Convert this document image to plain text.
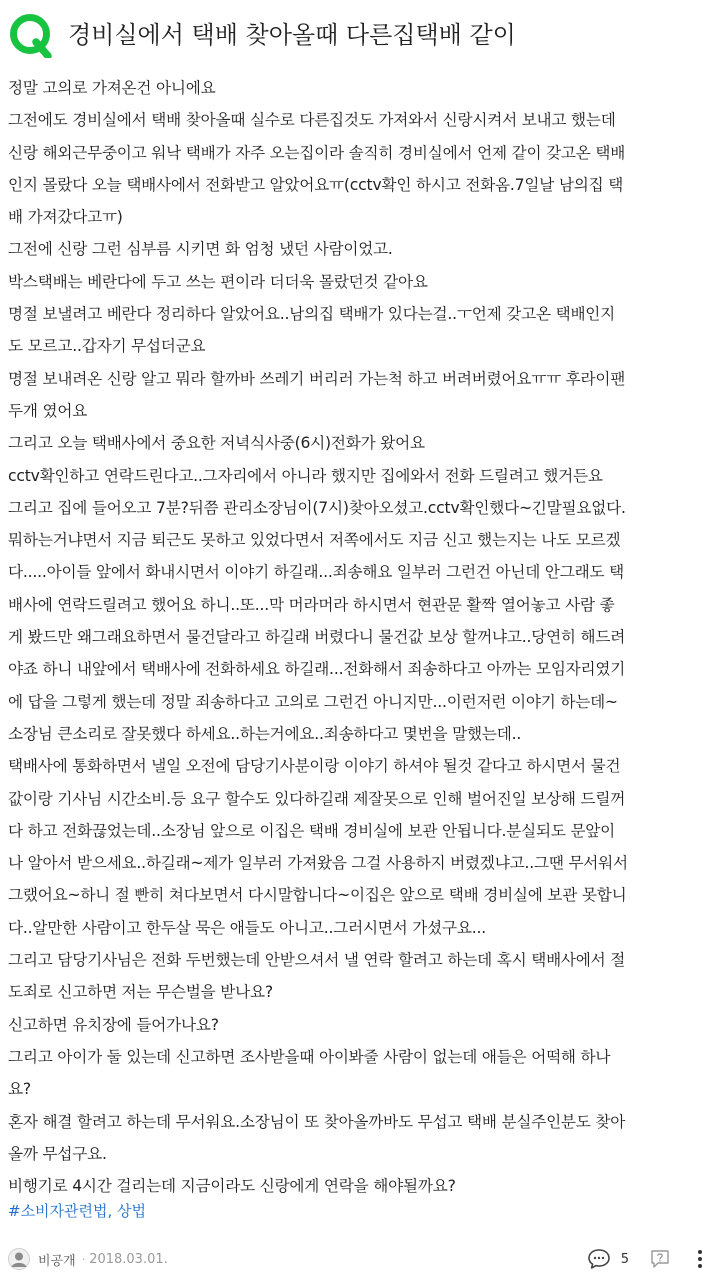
경비실에서 택배 찾아올때 다른집택배 같이
정말 고의로 가져온건 아니에요
그전에도 경비실에서 택배 찾아올때 실수로 다른집것도 가져와서 신랑시켜서 보내고 했는데
신랑 해외근무중이고 워낙 택배가 자주 오는집이라 솔직히 경비실에서 언제 같이 갖고온 택배
인지 몰랐다 오늘 택배사에서 전화받고 알았어요ㅠ(cctv확인 하시고 전화옴.7일날 남의집 택
배 가져갔다고ㅠ)
그전에 신랑 그런 심부름 시키면 화 엄청 냈던 사람이었고.
박스택배는 베란다에 두고 쓰는 편이라 더더욱 몰랐던것 같아요
명절 보낼려고 베란다 정리하다 알았어요..남의집 택배가 있다는걸..ㅜ언제 갖고온 택배인지
도 모르고..갑자기 무섭더군요
명절 보내려온 신랑 알고 뭐라 할까바 쓰레기 버리러 가는척 하고 버려버렸어요ㅠㅠ 후라이팬
두개 였어요
그리고 오늘 택배사에서 중요한 저녁식사중(6시)전화가 왔어요
cctv확인하고 연락드린다고..그자리에서 아니라 했지만 집에와서 전화 드릴려고 했거든요
그리고 집에 들어오고 7분?뒤쯤 관리소장님이(7시)찾아오셨고.cctv확인했다~긴말필요없다.
뭐하는거냐면서 지금 퇴근도 못하고 있었다면서 저쪽에서도 지금 신고 했는지는 나도 모르겠
다.....아이들 앞에서 화내시면서 이야기 하길래...죄송해요 일부러 그런건 아닌데 안그래도 택
배사에 연락드릴려고 했어요 하니..또...막 머라머라 하시면서 현관문 활짝 열어놓고 사람 좋
게 봤드만 왜그래요하면서 물건달라고 하길래 버렸다니 물건값 보상 할꺼냐고..당연히 해드려
야죠 하니 내앞에서 택배사에 전화하세요 하길래...전화해서 죄송하다고 아까는 모임자리였기
에 답을 그렇게 했는데 정말 죄송하다고 고의로 그런건 아니지만...이런저런 이야기 하는데~
소장님 큰소리로 잘못했다 하세요..하는거에요..죄송하다고 몇번을 말했는데..
택배사에 통화하면서 낼일 오전에 담당기사분이랑 이야기 하셔야 될것 같다고 하시면서 물건
값이랑 기사님 시간소비.등 요구 할수도 있다하길래 제잘못으로 인해 벌어진일 보상해 드릴꺼
다 하고 전화끊었는데..소장님 앞으로 이집은 택배 경비실에 보관 안됩니다.분실되도 문앞이
나 알아서 받으세요..하길래~제가 일부러 가져왔음 그걸 사용하지 버렸겠냐고..그땐 무서워서
그랬어요~하니 절 빤히 쳐다보면서 다시말합니다~이집은 앞으로 택배 경비실에 보관 못합니
다..알만한 사람이고 한두살 묵은 애들도 아니고..그러시면서 가셨구요...
그리고 담당기사님은 전화 두번했는데 안받으셔서 낼 연락 할려고 하는데 혹시 택배사에서 절
도죄로 신고하면 저는 무슨벌을 받나요?
신고하면 유치장에 들어가나요?
그리고 아이가 둘 있는데 신고하면 조사받을때 아이봐줄 사람이 없는데 애들은 어떡해 하나
요?
혼자 해결 할려고 하는데 무서워요.소장님이 또 찾아올까바도 무섭고 택배 분실주인분도 찾아
올까 무섭구요.
비행기로 4시간 걸리는데 지금이라도 신랑에게 연락을 해야될까요?
#소비자관련법, 상법
비공개 · 2018.03.01.	5
